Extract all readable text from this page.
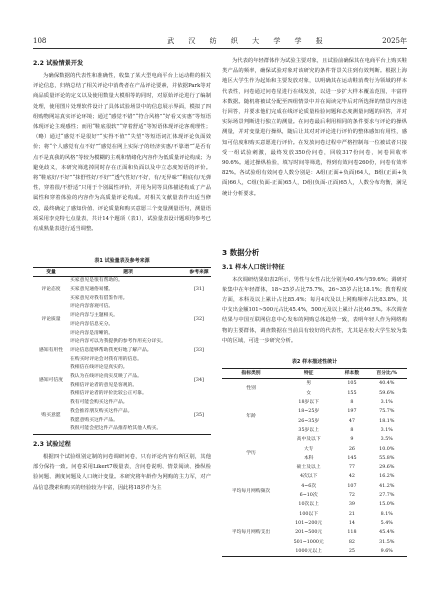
108	武 汉 纺 织 大 学 学 报	2025年
2.2 试验情景开发

为确保数据的代表性和准确性，收集了某大型电商平台上运动鞋的相关评论信息，归纳总结了相关评论中消费者在产品评论要素，并依据Park等对商品质量评论的定义以及使用数量大模相等的同时，对原始评论进行了编制处理，使用图片处理软件设计了具体试验场景中的信息展示界面，模拟了四组购物网站真实评论环境；通过“感觉不错”“符合风格”“好看又实惠”等短语体现评论主观感性；而用“鞋底很软”“穿着舒适”等短语体现评论客观理性；（略）通过“感觉不是很好”“实得不值”“失望”等短语词汇体现评论负面效价；将“个人感觉有点不好”“感觉在网上实际子的经济实惠/不靠谱”“是否有点不是真我的风格”等较为模糊的主观和情绪化内容作为低质量评论构成；为避免歧义，本研究筛选掉同时存在正面和负面以及中立态度短语的评价。将“鞋底好/不好”“抹舒性好/不好”“透气性好/不好，有/无异味”“鞋底有/无弹性，穿着很/不舒适”只用于个别属性评价，并用为同等具体描述构成了产品属性和穿着体验的内容作为高质量评论构成。对相关文献量表作出适当修改，最终确定了感知价值、评论质量和购买意愿三个变量测量语句，测量语项采用李克特七点量表，共计14个题项（表1），试验量表设计题项均参考已有成熟量表进行适当调整。

表1 试验量表及参考来源
变量	题项	参考来源
评论态度	买家意见是很有帮助的。	[31]
	买家意见通俗易懂。	
	买家意见对我有借鉴作用。	
评论质量	评论内容客观可信。	[32]
	评论内容与主题相关。	
	评论内容信息充分。	
	评论内容是清晰的。	
感知有用性	评论内容可以为我提供的参考作用充分详实。	[33]
	评论信息能够帮助我更好地了解产品。	
	在购买时评论会对我有用的信息。	
感知可信度	我相信在线评论是真实的。	[34]
	我认为在线评论真实反映了产品。	
	我相信评论者的意见是客观的。	
	我相信评论者的评价比较公正可靠。	
购买意愿	我有可能会购买这件产品。	[35]
	我会推荐朋友购买这件产品。	
	我愿意购买这件产品。	
	我很可能会把这件产品推荐给其他人购买。	
2.3 试验过程

根据四个试验组别定制的问卷调研问卷，只有评论内容有所区别，其他部分保持一致。问卷采用Likert7级量表，含问卷说明、情景阅读、操纵检验问题、测度问题及人口统计变量。本研究将年龄作为网购的主力军，对产品信息搜索和购买的经验较为丰富，因此将18岁作为主

为代表的年轻群体作为试验主要对象，且试验前确保其在电商平台上购买鞋类产品的频率，确保试验对象对该研究的条件背景关注到有效判断。根据上海地区大学生作为起始和主要发放对象，以明确其在运动鞋消费行为领域的样本代表性，问卷通过问卷星进行在线发放，以进一步扩大样本覆盖范围，丰富样本数据。随机将被试分配至四组情景中并在阅读完毕后对所选择的情景内容进行回答，并要求他们完成在线评论质量检验问题和态度测量问题的回答，并对实际场景判断进行独立的测量。在问卷最后利用相同的条件要求与评论的操纵测量，并对变量进行操纵，随后让其对对评论进行评价的整体感知有用性，感知可信度和购买意愿进行评价。在发放问卷过程中严格控制每一位被试者只接受一组试验刺激，最终发放350份问卷，回收317份问卷，问卷回收率90.6%。通过操纵检验，填写时间等筛选，得到有效问卷260份，问卷有效率82%。各试验组有效问卷人数分别是：A组(正面+负面)64人，B组(正面+负面)66人，C组(负面-正面)65人，D组(负面-正面)65人，人数分布均衡，满足统计分析要求。

3 数据分析
3.1 样本人口统计特征

本次调研结果如表2所示，男性与女性占比分别为40.4%与59.6%；调研对象集中在年轻群体，18~25岁占比75.7%，26~35岁占比18.1%；教育程度方面，本科及以上累计占比85.4%；每月4次及以上网购频率占比83.8%，其中支出金额101~500元占比45.4%，500元及以上累计占比46.5%。本次调查结果与中国互联网信息中心发布的网购总体趋势一致，表明年轻人作为网络购物的主要群体，调查数据在当前具有较好的代表性，尤其是在校大学生较为集中的区域，可进一步研究分析。

表2 样本描述性统计
指标类别	特征	样本数	百分比/%
性别	男	105	40.4%
	女	155	59.6%
年龄	18岁以下	8	3.1%
	18~25岁	197	75.7%
	26~35岁	47	18.1%
	35岁以上	8	3.1%
学历	高中及以下	9	3.5%
	大专	26	10.0%
	本科	145	55.8%
	硕士及以上	77	29.6%
平均每月网购频次	4次以下	42	16.2%
	4~6次	107	41.2%
	6~10次	72	27.7%
	10次以上	39	15.0%
平均每月网购支出	100以下	21	8.1%
	101~200元	14	5.4%
	201~500元	118	45.4%
	501~1000元	82	31.5%
	1000元以上	25	9.6%
